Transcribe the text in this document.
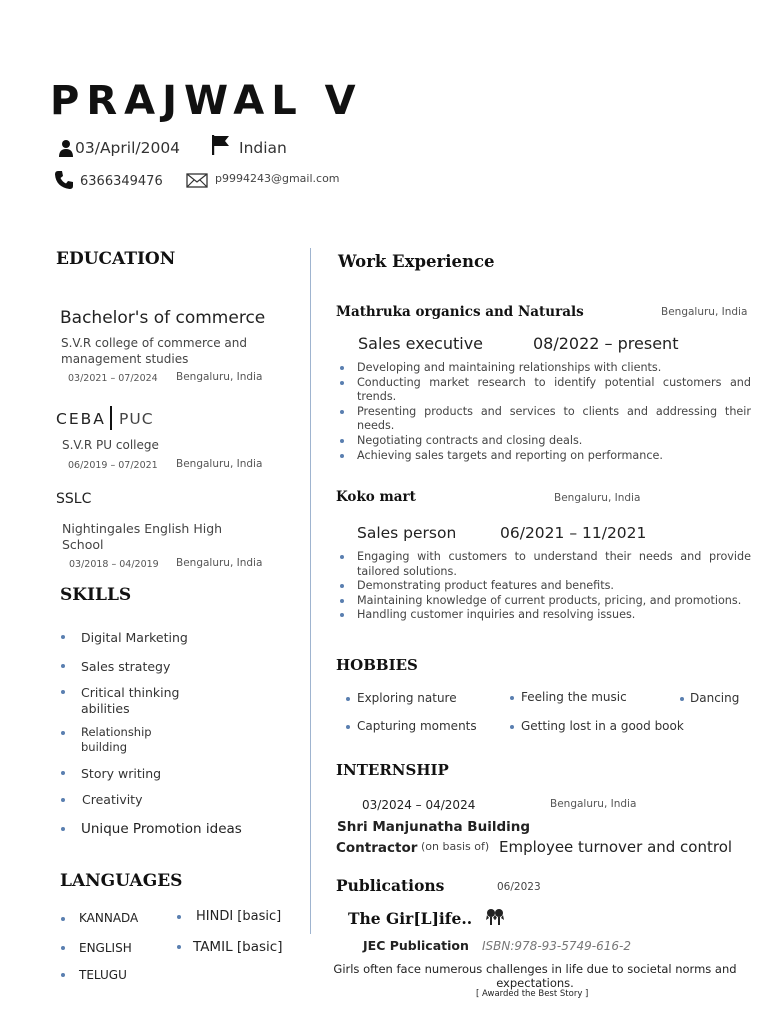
PRAJWAL V
03/April/2004	Indian
6366349476	p9994243@gmail.com
EDUCATION
Bachelor's of commerce
S.V.R college of commerce and management studies
03/2021 – 07/2024 Bengaluru, India
CEBA PUC
S.V.R PU college
06/2019 – 07/2021 Bengaluru, India
SSLC
Nightingales English High School
03/2018 – 04/2019 Bengaluru, India
SKILLS
Digital Marketing
Sales strategy
Critical thinking abilities
Relationship building
Story writing
Creativity
Unique Promotion ideas
LANGUAGES
KANNADA
ENGLISH
TELUGU
HINDI [basic]
TAMIL [basic]
Work Experience
Mathruka organics and Naturals	Bengaluru, India
Sales executive	08/2022 – present
Developing and maintaining relationships with clients.
Conducting market research to identify potential customers and trends.
Presenting products and services to clients and addressing their needs.
Negotiating contracts and closing deals.
Achieving sales targets and reporting on performance.
Koko mart	Bengaluru, India
Sales person	06/2021 – 11/2021
Engaging with customers to understand their needs and provide tailored solutions.
Demonstrating product features and benefits.
Maintaining knowledge of current products, pricing, and promotions.
Handling customer inquiries and resolving issues.
HOBBIES
Exploring nature	Feeling the music	Dancing
Capturing moments	Getting lost in a good book
INTERNSHIP
03/2024 – 04/2024	Bengaluru, India
Shri Manjunatha Building
Contractor (on basis of) Employee turnover and control
Publications	06/2023
The Gir[L]ife..
JEC Publication ISBN:978-93-5749-616-2
Girls often face numerous challenges in life due to societal norms and expectations.
[ Awarded the Best Story ]
